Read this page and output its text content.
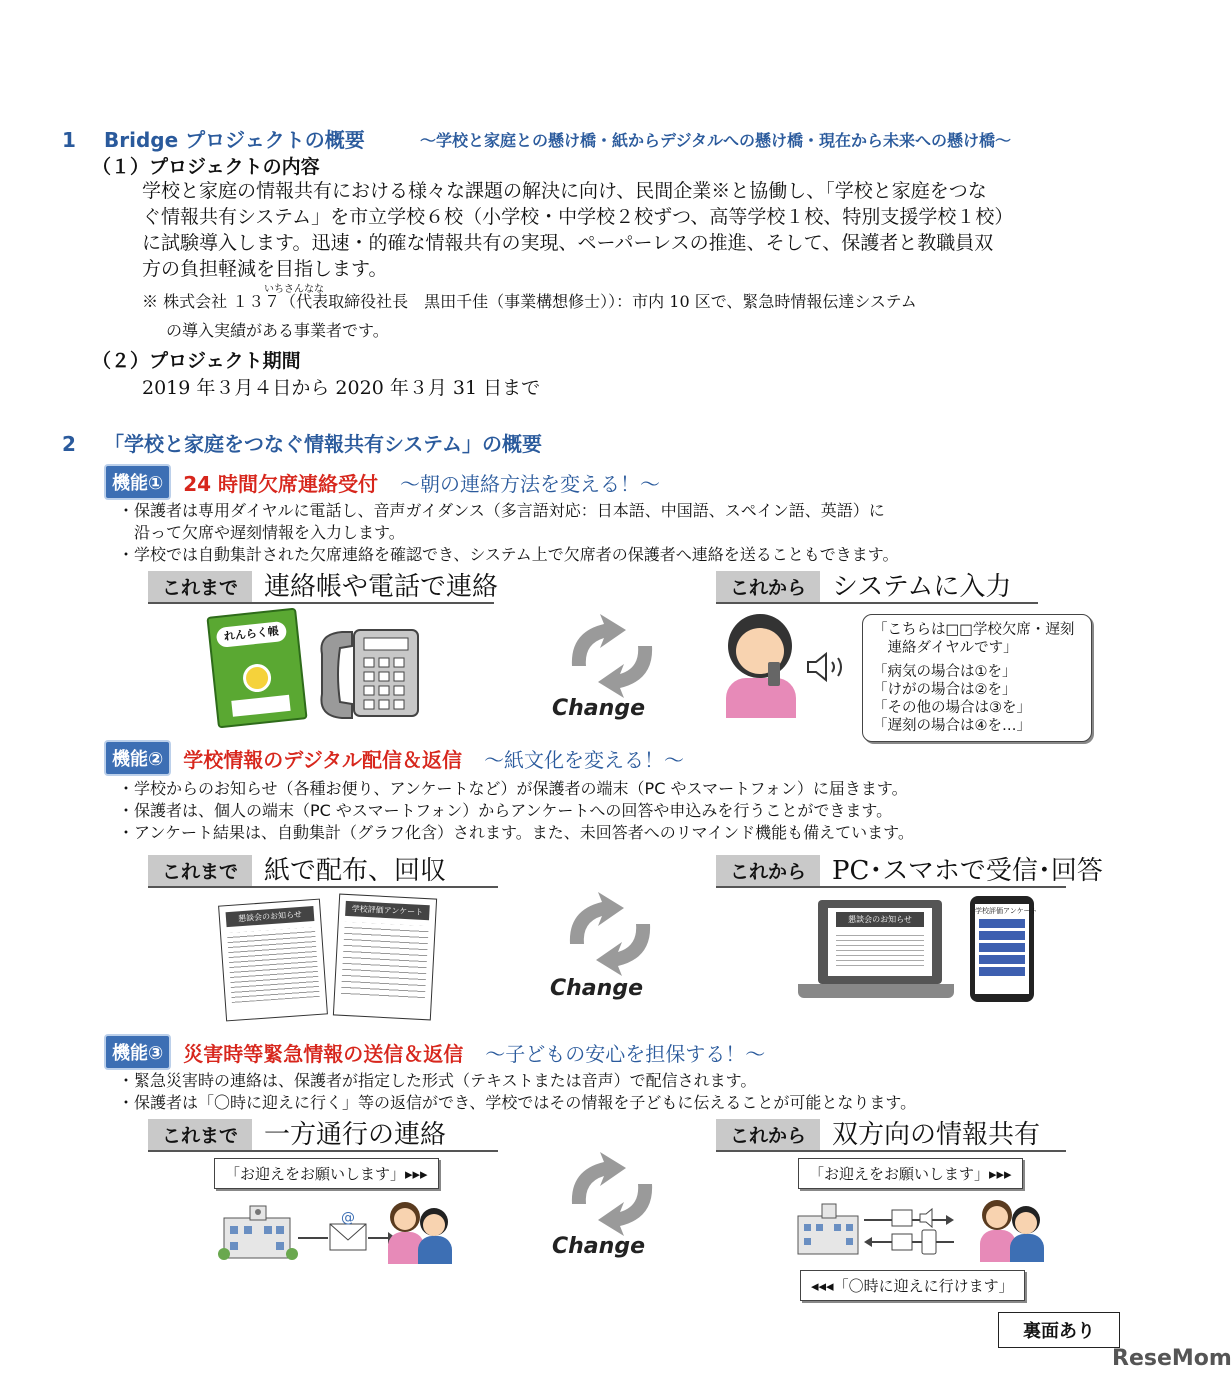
1 Bridge プロジェクトの概要	～学校と家庭との懸け橋・紙からデジタルへの懸け橋・現在から未来への懸け橋～
（１）プロジェクトの内容
学校と家庭の情報共有における様々な課題の解決に向け、民間企業※と協働し、「学校と家庭をつな
ぐ情報共有システム」を市立学校６校（小学校・中学校２校ずつ、高等学校１校、特別支援学校１校）
に試験導入します。迅速・的確な情報共有の実現、ペーパーレスの推進、そして、保護者と教職員双
方の負担軽減を目指します。
いちさんなな
※ 株式会社 １３７（代表取締役社長　黒田千佳（事業構想修士））：市内 10 区で、緊急時情報伝達システム
の導入実績がある事業者です。
（２）プロジェクト期間
2019 年３月４日から 2020 年３月 31 日まで
2 「学校と家庭をつなぐ情報共有システム」の概要
機能①	24 時間欠席連絡受付 ～朝の連絡方法を変える！～
・保護者は専用ダイヤルに電話し、音声ガイダンス（多言語対応：日本語、中国語、スペイン語、英語）に
　沿って欠席や遅刻情報を入力します。
・学校では自動集計された欠席連絡を確認でき、システム上で欠席者の保護者へ連絡を送ることもできます。
これまで	連絡帳や電話で連絡	これから	システムに入力
れんらく帳
Change
「こちらは□□学校欠席・遅刻
　連絡ダイヤルです」
「病気の場合は①を」
「けがの場合は②を」
「その他の場合は③を」
「遅刻の場合は④を…」
機能②	学校情報のデジタル配信＆返信 ～紙文化を変える！～
・学校からのお知らせ（各種お便り、アンケートなど）が保護者の端末（PC やスマートフォン）に届きます。
・保護者は、個人の端末（PC やスマートフォン）からアンケートへの回答や申込みを行うことができます。
・アンケート結果は、自動集計（グラフ化含）されます。また、未回答者へのリマインド機能も備えています。
これまで	紙で配布、回収	これから	PC･スマホで受信･回答
懇談会のお知らせ	学校評価アンケート
Change
懇談会のお知らせ
学校評価アンケート
機能③	災害時等緊急情報の送信＆返信 ～子どもの安心を担保する！～
・緊急災害時の連絡は、保護者が指定した形式（テキストまたは音声）で配信されます。
・保護者は「〇時に迎えに行く」等の返信ができ、学校ではその情報を子どもに伝えることが可能となります。
これまで	一方通行の連絡	これから	双方向の情報共有
「お迎えをお願いします」▸▸▸
@
Change
「お迎えをお願いします」▸▸▸
◂◂◂「〇時に迎えに行けます」
裏面あり
ReseMom
